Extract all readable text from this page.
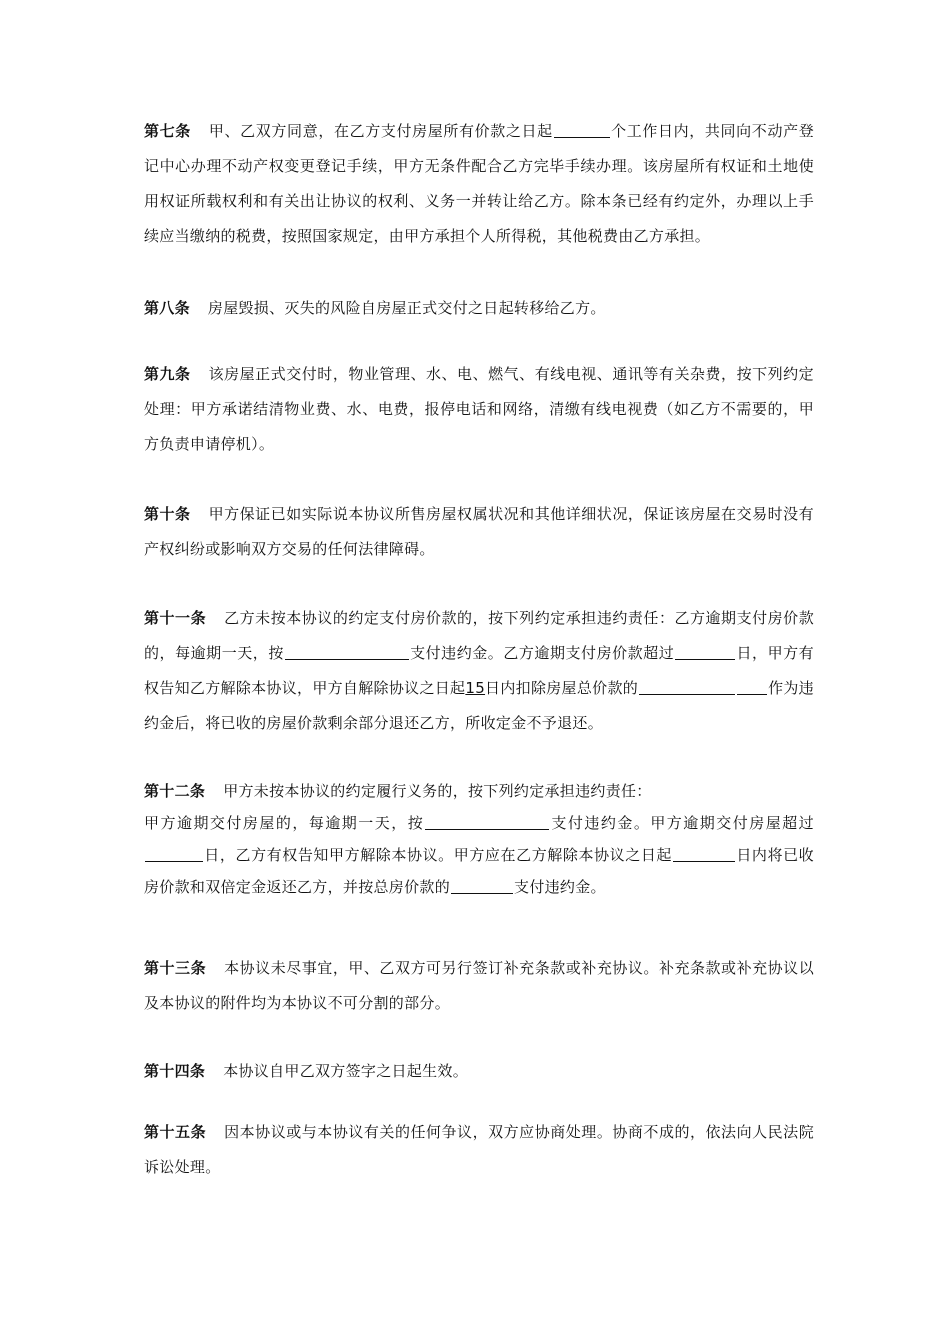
第七条 甲、乙双方同意，在乙方支付房屋所有价款之日起	个工作日内，共同向不动产登记中心办理不动产权变更登记手续，甲方无条件配合乙方完毕手续办理。该房屋所有权证和土地使用权证所载权利和有关出让协议的权利、义务一并转让给乙方。除本条已经有约定外，办理以上手续应当缴纳的税费，按照国家规定，由甲方承担个人所得税，其他税费由乙方承担。
第八条 房屋毁损、灭失的风险自房屋正式交付之日起转移给乙方。
第九条 该房屋正式交付时，物业管理、水、电、燃气、有线电视、通讯等有关杂费，按下列约定处理：甲方承诺结清物业费、水、电费，报停电话和网络，清缴有线电视费（如乙方不需要的，甲方负责申请停机）。
第十条 甲方保证已如实际说本协议所售房屋权属状况和其他详细状况，保证该房屋在交易时没有产权纠纷或影响双方交易的任何法律障碍。
第十一条 乙方未按本协议的约定支付房价款的，按下列约定承担违约责任：乙方逾期支付房价款的，每逾期一天，按	支付违约金。乙方逾期支付房价款超过	日，甲方有权告知乙方解除本协议，甲方自解除协议之日起15日内扣除房屋总价款的	作为违约金后，将已收的房屋价款剩余部分退还乙方，所收定金不予退还。
第十二条 甲方未按本协议的约定履行义务的，按下列约定承担违约责任：
甲方逾期交付房屋的，每逾期一天，按	支付违约金。甲方逾期交付房屋超过日，乙方有权告知甲方解除本协议。甲方应在乙方解除本协议之日起	日内将已收房价款和双倍定金返还乙方，并按总房价款的	支付违约金。
第十三条 本协议未尽事宜，甲、乙双方可另行签订补充条款或补充协议。补充条款或补充协议以及本协议的附件均为本协议不可分割的部分。
第十四条 本协议自甲乙双方签字之日起生效。
第十五条 因本协议或与本协议有关的任何争议，双方应协商处理。协商不成的，依法向人民法院诉讼处理。
